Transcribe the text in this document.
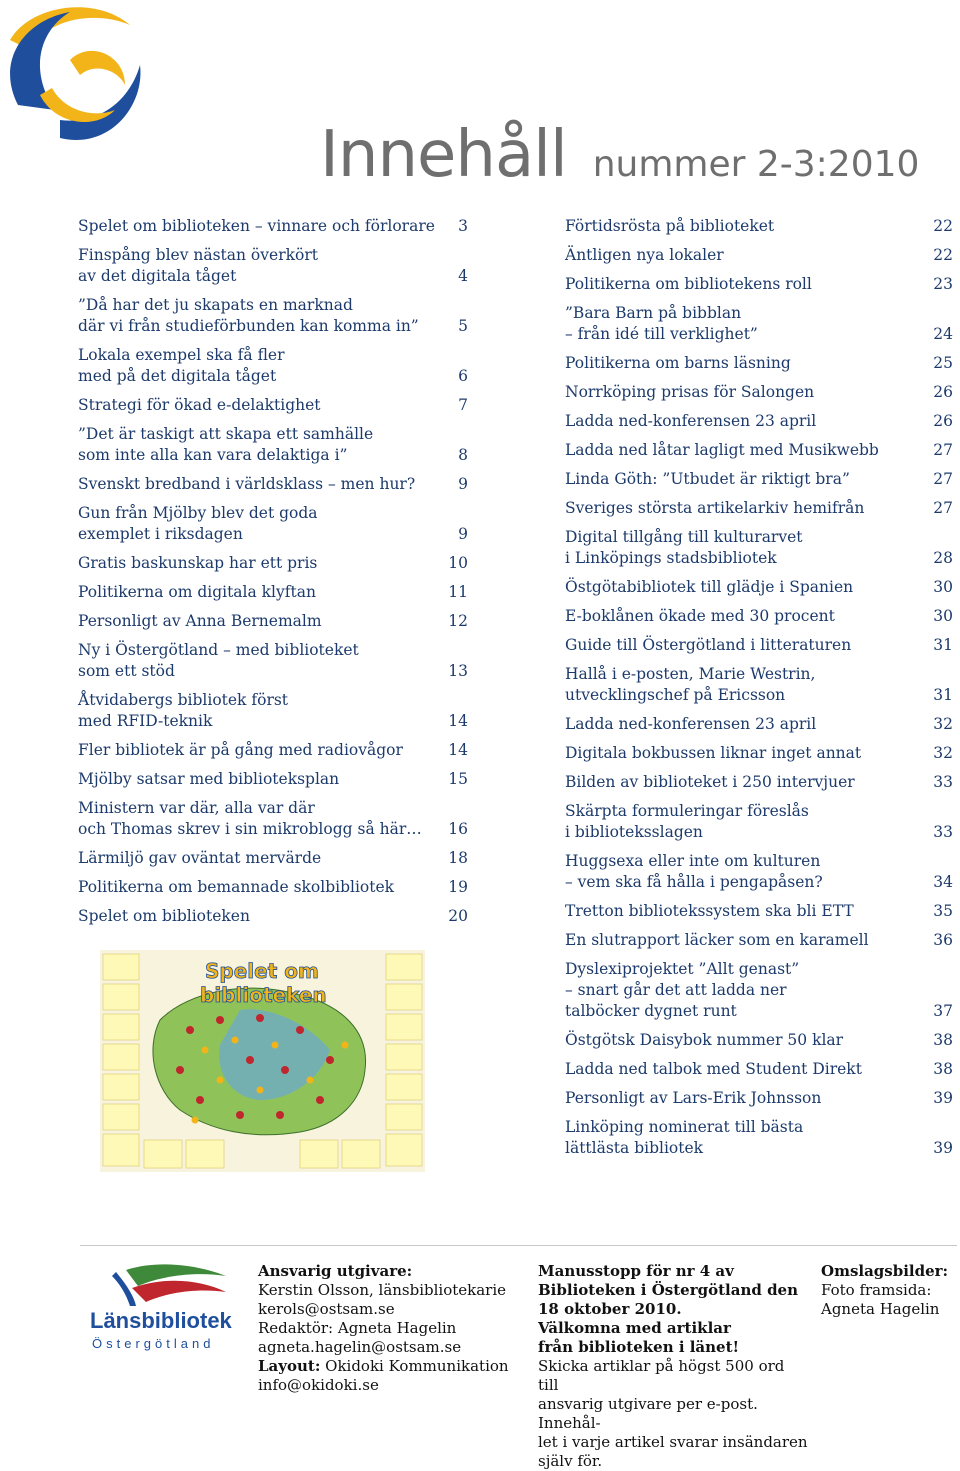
Innehåll nummer 2-3:2010
Spelet om biblioteken – vinnare och förlorare 3
Finspång blev nästan överkört
av det digitala tåget	4
”Då har det ju skapats en marknad
där vi från studieförbunden kan komma in”	5
Lokala exempel ska få fler
med på det digitala tåget	6
Strategi för ökad e-delaktighet	7
”Det är taskigt att skapa ett samhälle
som inte alla kan vara delaktiga i”	8
Svenskt bredband i världsklass – men hur?	9
Gun från Mjölby blev det goda
exemplet i riksdagen	9
Gratis baskunskap har ett pris	10
Politikerna om digitala klyftan	11
Personligt av Anna Bernemalm	12
Ny i Östergötland – med biblioteket
som ett stöd	13
Åtvidabergs bibliotek först
med RFID-teknik	14
Fler bibliotek är på gång med radiovågor	14
Mjölby satsar med biblioteksplan	15
Ministern var där, alla var där
och Thomas skrev i sin mikroblogg så här…	16
Lärmiljö gav oväntat mervärde	18
Politikerna om bemannade skolbibliotek	19
Spelet om biblioteken	20
Förtidsrösta på biblioteket	22
Äntligen nya lokaler	22
Politikerna om bibliotekens roll	23
”Bara Barn på bibblan
– från idé till verklighet”	24
Politikerna om barns läsning	25
Norrköping prisas för Salongen	26
Ladda ned-konferensen 23 april	26
Ladda ned låtar lagligt med Musikwebb	27
Linda Göth: ”Utbudet är riktigt bra”	27
Sveriges största artikelarkiv hemifrån	27
Digital tillgång till kulturarvet
i Linköpings stadsbibliotek	28
Östgötabibliotek till glädje i Spanien	30
E-boklånen ökade med 30 procent	30
Guide till Östergötland i litteraturen	31
Hallå i e-posten, Marie Westrin,
utvecklingschef på Ericsson	31
Ladda ned-konferensen 23 april	32
Digitala bokbussen liknar inget annat	32
Bilden av biblioteket i 250 intervjuer	33
Skärpta formuleringar föreslås
i biblioteksslagen	33
Huggsexa eller inte om kulturen
– vem ska få hålla i pengapåsen?	34
Tretton bibliotekssystem ska bli ETT	35
En slutrapport läcker som en karamell	36
Dyslexiprojektet ”Allt genast”
– snart går det att ladda ner
talböcker dygnet runt	37
Östgötsk Daisybok nummer 50 klar	38
Ladda ned talbok med Student Direkt	38
Personligt av Lars-Erik Johnsson	39
Linköping nominerat till bästa
lättlästa bibliotek	39
Spelet om
biblioteken
Länsbibliotek
Östergötland
Ansvarig utgivare:
Kerstin Olsson, länsbibliotekarie
kerols@ostsam.se
Redaktör: Agneta Hagelin
agneta.hagelin@ostsam.se
Layout: Okidoki Kommunikation
info@okidoki.se
Manusstopp för nr 4 av
Biblioteken i Östergötland den
18 oktober 2010.
Välkomna med artiklar
från biblioteken i länet!
Skicka artiklar på högst 500 ord till
ansvarig utgivare per e-post. Innehål-
let i varje artikel svarar insändaren
själv för.
Omslagsbilder:
Foto framsida:
Agneta Hagelin
